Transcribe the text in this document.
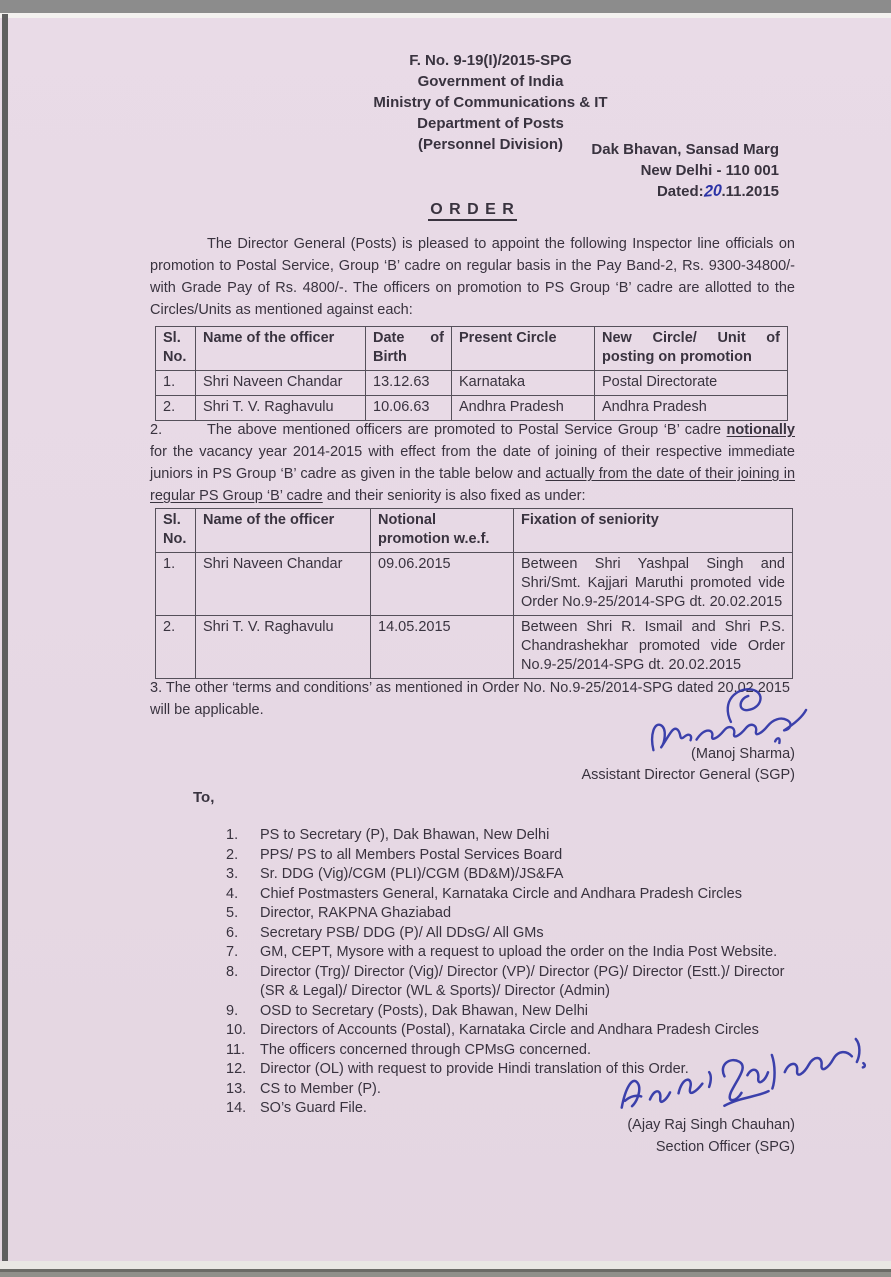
F. No. 9-19(I)/2015-SPG
Government of India
Ministry of Communications & IT
Department of Posts
(Personnel Division)	Dak Bhavan, Sansad Marg
New Delhi - 110 001
Dated:20.11.2015
O R D E R
The Director General (Posts) is pleased to appoint the following Inspector line officials on promotion to Postal Service, Group ‘B’ cadre on regular basis in the Pay Band-2, Rs. 9300-34800/- with Grade Pay of Rs. 4800/-. The officers on promotion to PS Group ‘B’ cadre are allotted to the Circles/Units as mentioned against each:
Sl. No.	Name of the officer	Date of Birth	Present Circle	New Circle/ Unit of posting on promotion
1.	Shri Naveen Chandar	13.12.63	Karnataka	Postal Directorate
2.	Shri T. V. Raghavulu	10.06.63	Andhra Pradesh	Andhra Pradesh
2.	The above mentioned officers are promoted to Postal Service Group ‘B’ cadre notionally for the vacancy year 2014-2015 with effect from the date of joining of their respective immediate juniors in PS Group ‘B’ cadre as given in the table below and actually from the date of their joining in regular PS Group ‘B’ cadre and their seniority is also fixed as under:
Sl. No.	Name of the officer	Notional promotion w.e.f.	Fixation of seniority
1.	Shri Naveen Chandar	09.06.2015	Between Shri Yashpal Singh and Shri/Smt. Kajjari Maruthi promoted vide Order No.9-25/2014-SPG dt. 20.02.2015
2.	Shri T. V. Raghavulu	14.05.2015	Between Shri R. Ismail and Shri P.S. Chandrashekhar promoted vide Order No.9-25/2014-SPG dt. 20.02.2015
3. The other ‘terms and conditions’ as mentioned in Order No. No.9-25/2014-SPG dated 20.02.2015 will be applicable.
(Manoj Sharma)
Assistant Director General (SGP)
To,
1.	PS to Secretary (P), Dak Bhawan, New Delhi
2.	PPS/ PS to all Members Postal Services Board
3.	Sr. DDG (Vig)/CGM (PLI)/CGM (BD&M)/JS&FA
4.	Chief Postmasters General, Karnataka Circle and Andhara Pradesh Circles
5.	Director, RAKPNA Ghaziabad
6.	Secretary PSB/ DDG (P)/ All DDsG/ All GMs
7.	GM, CEPT, Mysore with a request to upload the order on the India Post Website.
8.	Director (Trg)/ Director (Vig)/ Director (VP)/ Director (PG)/ Director (Estt.)/ Director (SR & Legal)/ Director (WL & Sports)/ Director (Admin)
9.	OSD to Secretary (Posts), Dak Bhawan, New Delhi
10. Directors of Accounts (Postal), Karnataka Circle and Andhara Pradesh Circles
11.	The officers concerned through CPMsG concerned.
12. Director (OL) with request to provide Hindi translation of this Order.
13. CS to Member (P).
14. SO’s Guard File.
(Ajay Raj Singh Chauhan)
Section Officer (SPG)
